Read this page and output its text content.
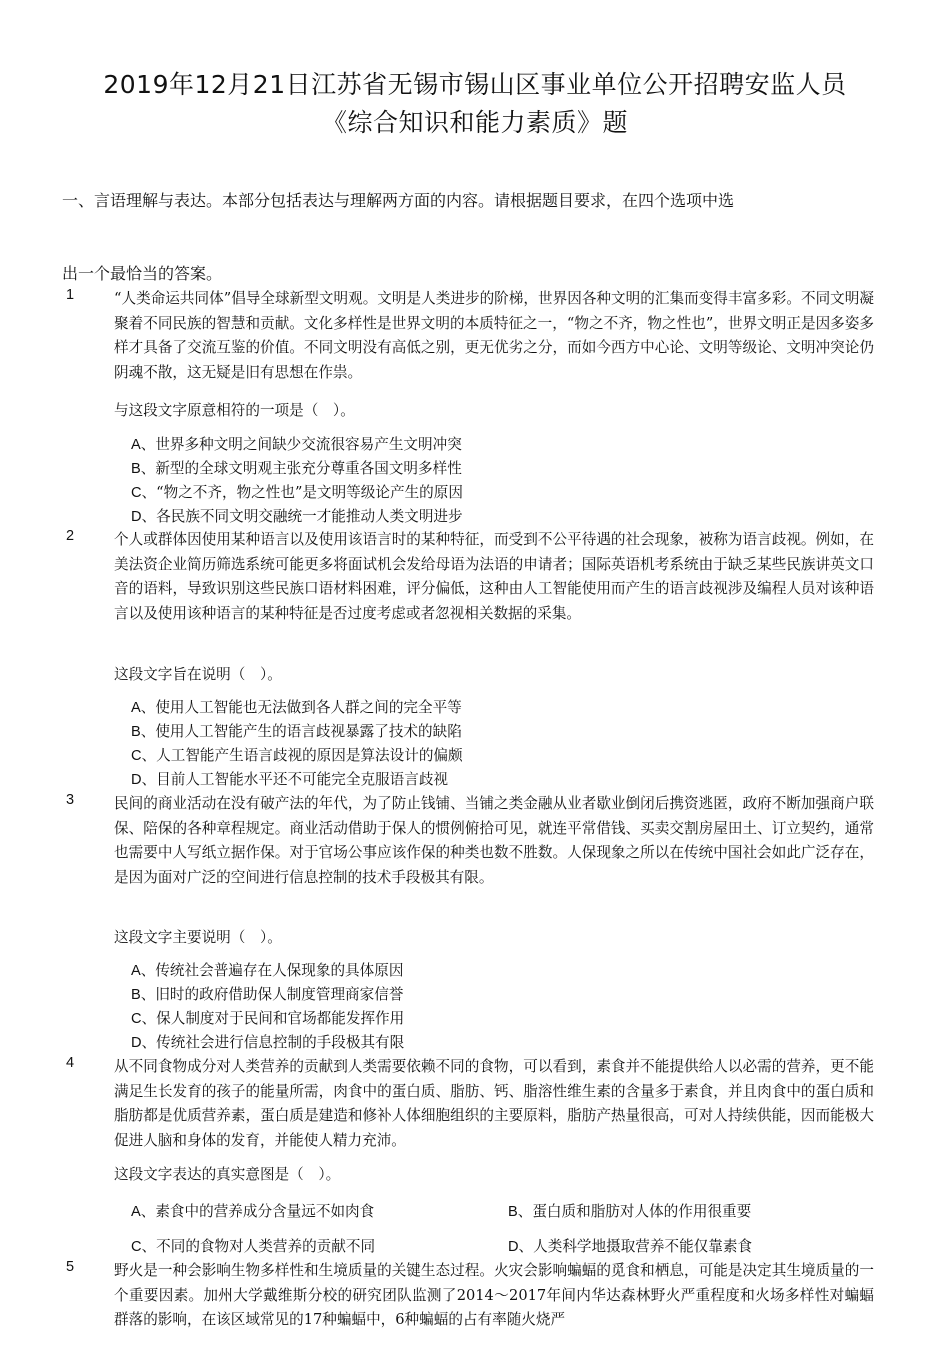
2019年12月21日江苏省无锡市锡山区事业单位公开招聘安监人员
《综合知识和能力素质》题
一、言语理解与表达。本部分包括表达与理解两方面的内容。请根据题目要求，在四个选项中选
出一个最恰当的答案。
1	“人类命运共同体”倡导全球新型文明观。文明是人类进步的阶梯，世界因各种文明的汇集而变得丰富多彩。不同文明凝聚着不同民族的智慧和贡献。文化多样性是世界文明的本质特征之一，“物之不齐，物之性也”，世界文明正是因多姿多样才具备了交流互鉴的价值。不同文明没有高低之别，更无优劣之分，而如今西方中心论、文明等级论、文明冲突论仍阴魂不散，这无疑是旧有思想在作祟。
与这段文字原意相符的一项是（　）。
A、世界多种文明之间缺少交流很容易产生文明冲突
B、新型的全球文明观主张充分尊重各国文明多样性
C、“物之不齐，物之性也”是文明等级论产生的原因
D、各民族不同文明交融统一才能推动人类文明进步
2	个人或群体因使用某种语言以及使用该语言时的某种特征，而受到不公平待遇的社会现象，被称为语言歧视。例如，在美法资企业简历筛选系统可能更多将面试机会发给母语为法语的申请者；国际英语机考系统由于缺乏某些民族讲英文口音的语料，导致识别这些民族口语材料困难，评分偏低，这种由人工智能使用而产生的语言歧视涉及编程人员对该种语言以及使用该种语言的某种特征是否过度考虑或者忽视相关数据的采集。
这段文字旨在说明（　）。
A、使用人工智能也无法做到各人群之间的完全平等
B、使用人工智能产生的语言歧视暴露了技术的缺陷
C、人工智能产生语言歧视的原因是算法设计的偏颇
D、目前人工智能水平还不可能完全克服语言歧视
3	民间的商业活动在没有破产法的年代，为了防止钱铺、当铺之类金融从业者歇业倒闭后携资逃匿，政府不断加强商户联保、陪保的各种章程规定。商业活动借助于保人的惯例俯拾可见，就连平常借钱、买卖交割房屋田土、订立契约，通常也需要中人写纸立据作保。对于官场公事应该作保的种类也数不胜数。人保现象之所以在传统中国社会如此广泛存在，是因为面对广泛的空间进行信息控制的技术手段极其有限。
这段文字主要说明（　）。
A、传统社会普遍存在人保现象的具体原因
B、旧时的政府借助保人制度管理商家信誉
C、保人制度对于民间和官场都能发挥作用
D、传统社会进行信息控制的手段极其有限
4	从不同食物成分对人类营养的贡献到人类需要依赖不同的食物，可以看到，素食并不能提供给人以必需的营养，更不能满足生长发育的孩子的能量所需，肉食中的蛋白质、脂肪、钙、脂溶性维生素的含量多于素食，并且肉食中的蛋白质和脂肪都是优质营养素，蛋白质是建造和修补人体细胞组织的主要原料，脂肪产热量很高，可对人持续供能，因而能极大促进人脑和身体的发育，并能使人精力充沛。
这段文字表达的真实意图是（　）。
A、素食中的营养成分含量远不如肉食	B、蛋白质和脂肪对人体的作用很重要
C、不同的食物对人类营养的贡献不同	D、人类科学地摄取营养不能仅靠素食
5	野火是一种会影响生物多样性和生境质量的关键生态过程。火灾会影响蝙蝠的觅食和栖息，可能是决定其生境质量的一个重要因素。加州大学戴维斯分校的研究团队监测了2014～2017年间内华达森林野火严重程度和火场多样性对蝙蝠群落的影响，在该区域常见的17种蝙蝠中，6种蝙蝠的占有率随火烧严
